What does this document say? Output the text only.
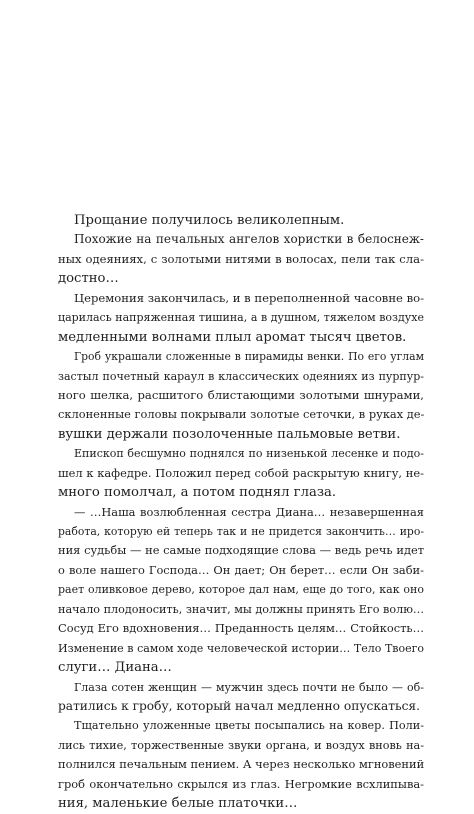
Прощание получилось великолепным.
Похожие на печальных ангелов хористки в белоснеж-
ных одеяниях, с золотыми нитями в волосах, пели так сла-
достно…
Церемония закончилась, и в переполненной часовне во-
царилась напряженная тишина, а в душном, тяжелом воздухе
медленными волнами плыл аромат тысяч цветов.
Гроб украшали сложенные в пирамиды венки. По его углам
застыл почетный караул в классических одеяниях из пурпур-
ного шелка, расшитого блистающими золотыми шнурами,
склоненные головы покрывали золотые сеточки, в руках де-
вушки держали позолоченные пальмовые ветви.
Епископ бесшумно поднялся по низенькой лесенке и подо-
шел к кафедре. Положил перед собой раскрытую книгу, не-
много помолчал, а потом поднял глаза.
— …Наша возлюбленная сестра Диана… незавершенная
работа, которую ей теперь так и не придется закончить… иро-
ния судьбы — не самые подходящие слова — ведь речь идет
о воле нашего Господа… Он дает; Он берет… если Он заби-
рает оливковое дерево, которое дал нам, еще до того, как оно
начало плодоносить, значит, мы должны принять Его волю…
Сосуд Его вдохновения… Преданность целям… Стойкость…
Изменение в самом ходе человеческой истории… Тело Твоего
слуги… Диана…
Глаза сотен женщин — мужчин здесь почти не было — об-
ратились к гробу, который начал медленно опускаться.
Тщательно уложенные цветы посыпались на ковер. Поли-
лись тихие, торжественные звуки органа, и воздух вновь на-
полнился печальным пением. А через несколько мгновений
гроб окончательно скрылся из глаз. Негромкие всхлипыва-
ния, маленькие белые платочки…
